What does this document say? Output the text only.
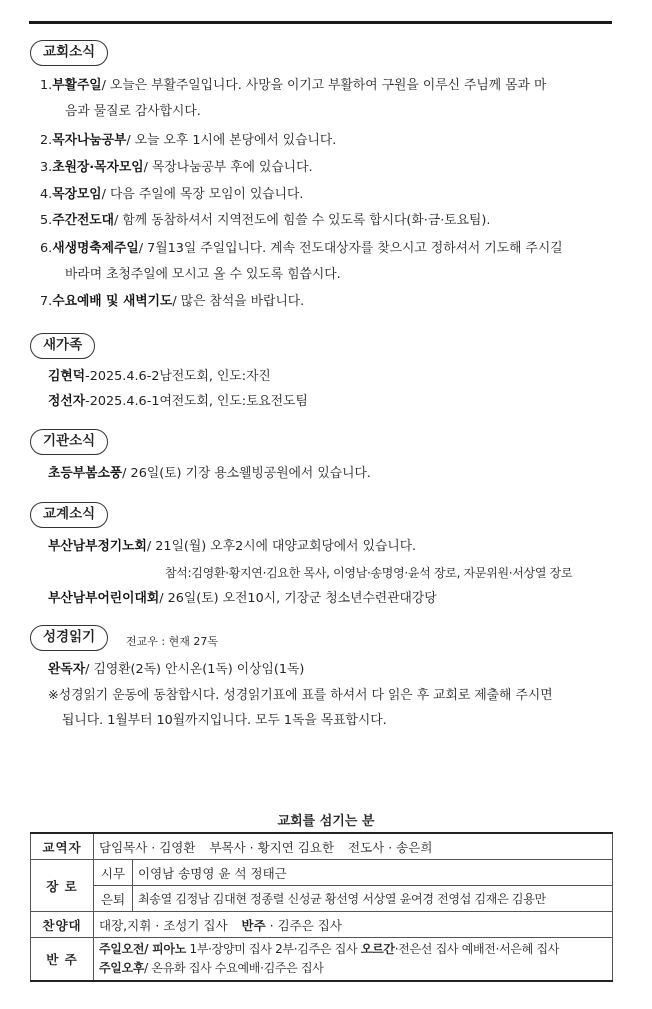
교회소식
1.부활주일/ 오늘은 부활주일입니다. 사망을 이기고 부활하여 구원을 이루신 주님께 몸과 마
음과 물질로 감사합시다.
2.목자나눔공부/ 오늘 오후 1시에 본당에서 있습니다.
3.초원장·목자모임/ 목장나눔공부 후에 있습니다.
4.목장모임/ 다음 주일에 목장 모임이 있습니다.
5.주간전도대/ 함께 동참하셔서 지역전도에 힘쓸 수 있도록 합시다(화·금·토요팀).
6.새생명축제주일/ 7월13일 주일입니다. 계속 전도대상자를 찾으시고 정하셔서 기도해 주시길
바라며 초청주일에 모시고 올 수 있도록 힘씁시다.
7.수요예배 및 새벽기도/ 많은 참석을 바랍니다.
새가족
김현덕-2025.4.6-2남전도회, 인도:자진
정선자-2025.4.6-1여전도회, 인도:토요전도팀
기관소식
초등부봄소풍/ 26일(토) 기장 용소웰빙공원에서 있습니다.
교계소식
부산남부정기노회/ 21일(월) 오후2시에 대양교회당에서 있습니다.
참석:김영환·황지연·김요한 목사, 이영남·송명영·윤석 장로, 자문위원·서상열 장로
부산남부어린이대회/ 26일(토) 오전10시, 기장군 청소년수련관대강당
성경읽기	전교우 : 현재 27독
완독자/ 김영환(2독) 안시온(1독) 이상임(1독)
※성경읽기 운동에 동참합시다. 성경읽기표에 표를 하셔서 다 읽은 후 교회로 제출해 주시면
됩니다. 1월부터 10월까지입니다. 모두 1독을 목표합시다.
교회를 섬기는 분
교역자	담임목사 · 김영환 부목사 · 황지연 김요한 전도사 · 송은희	
장 로	시무	이영남 송명영 윤 석 정태근
	은퇴	최송열 김정남 김대현 정종렬 신성균 황선영 서상열 윤여경 전영섭 김재은 김용만
찬양대	대장,지휘 · 조성기 집사 반주 · 김주은 집사	
반 주	주일오전/ 피아노 1부·장양미 집사 2부·김주은 집사 오르간·전은선 집사 예배전·서은혜 집사
주일오후/ 온유화 집사 수요예배·김주은 집사	
